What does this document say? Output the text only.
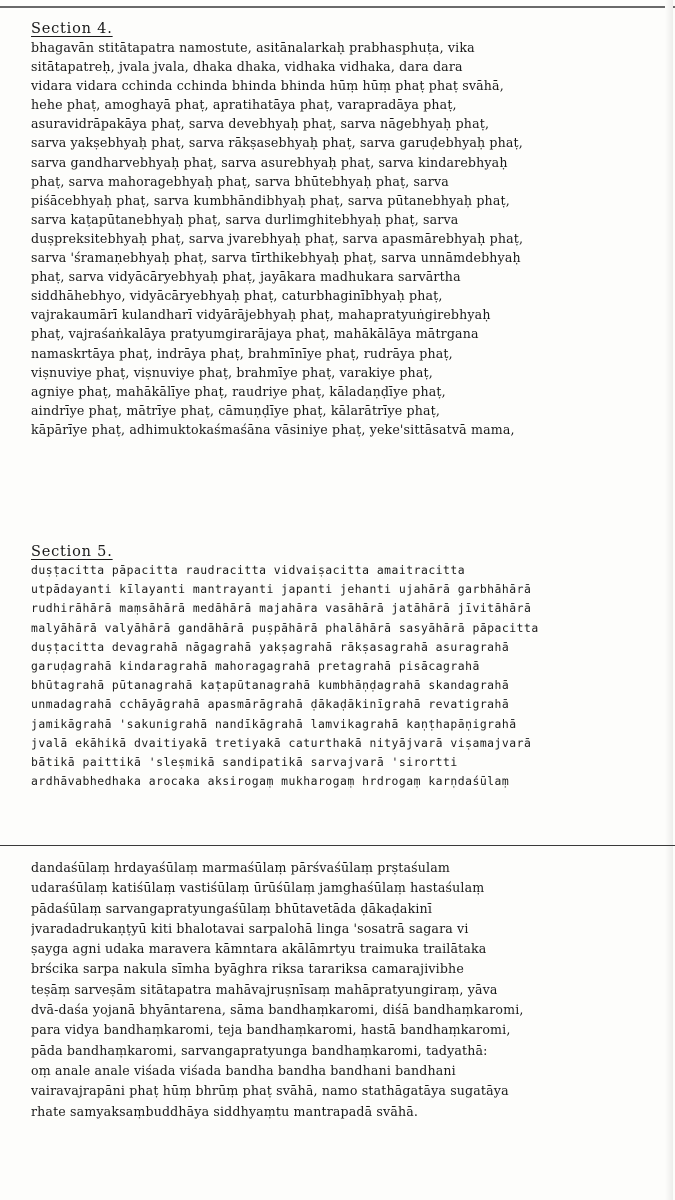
Section 4.
bhagavān stitātapatra namostute, asitānalarkaḥ prabhasphuṭa, vika
sitātapatreḥ, jvala jvala, dhaka dhaka, vidhaka vidhaka, dara dara
vidara vidara cchinda cchinda bhinda bhinda hūṃ hūṃ phaṭ phaṭ svāhā,
hehe phaṭ, amoghayā phaṭ, apratihatāya phaṭ, varapradāya phaṭ,
asuravidrāpakāya phaṭ, sarva devebhyaḥ phaṭ, sarva nāgebhyaḥ phaṭ,
sarva yakṣebhyaḥ phaṭ, sarva rākṣasebhyaḥ phaṭ, sarva garuḍebhyaḥ phaṭ,
sarva gandharvebhyaḥ phaṭ, sarva asurebhyaḥ phaṭ, sarva kindarebhyaḥ
phaṭ, sarva mahoragebhyaḥ phaṭ, sarva bhūtebhyaḥ phaṭ, sarva
piśācebhyaḥ phaṭ, sarva kumbhāndibhyaḥ phaṭ, sarva pūtanebhyaḥ phaṭ,
sarva kaṭapūtanebhyaḥ phaṭ, sarva durlimghitebhyaḥ phaṭ, sarva
duṣpreksitebhyaḥ phaṭ, sarva jvarebhyaḥ phaṭ, sarva apasmārebhyaḥ phaṭ,
sarva 'śramaṇebhyaḥ phaṭ, sarva tīrthikebhyaḥ phaṭ, sarva unnāmdebhyaḥ
phaṭ, sarva vidyācāryebhyaḥ phaṭ, jayākara madhukara sarvārtha
siddhāhebhyo, vidyācāryebhyaḥ phaṭ, caturbhaginībhyaḥ phaṭ,
vajrakaumārī kulandharī vidyārājebhyaḥ phaṭ, mahapratyuṅgirebhyaḥ
phaṭ, vajraśaṅkalāya pratyumgirarājaya phaṭ, mahākālāya mātrgana
namaskrtāya phaṭ, indrāya phaṭ, brahmīnīye phaṭ, rudrāya phaṭ,
viṣnuviye phaṭ, viṣnuviye phaṭ, brahmīye phaṭ, varakiye phaṭ,
agniye phaṭ, mahākālīye phaṭ, raudriye phaṭ, kāladaṇḍīye phaṭ,
aindrīye phaṭ, mātrīye phaṭ, cāmuṇḍīye phaṭ, kālarātrīye phaṭ,
kāpārīye phaṭ, adhimuktokaśmaśāna vāsiniye phaṭ, yeke'sittāsatvā mama,
Section 5.
duṣṭacitta pāpacitta raudracitta vidvaiṣacitta amaitracitta
utpādayanti kīlayanti mantrayanti japanti jehanti ujahārā garbhāhārā
rudhirāhārā maṃsāhārā medāhārā majahāra vasāhārā jatāhārā jīvitāhārā
malyāhārā valyāhārā gandāhārā puṣpāhārā phalāhārā sasyāhārā pāpacitta
duṣṭacitta devagrahā nāgagrahā yakṣagrahā rākṣasagrahā asuragrahā
garuḍagrahā kindaragrahā mahoragagrahā pretagrahā pisācagrahā
bhūtagrahā pūtanagrahā kaṭapūtanagrahā kumbhāṇḍagrahā skandagrahā
unmadagrahā cchāyāgrahā apasmārāgrahā ḍākaḍākinīgrahā revatigrahā
jamikāgrahā 'sakunigrahā nandīkāgrahā lamvikagrahā kaṇṭhapāṇigrahā
jvalā ekāhikā dvaitiyakā tretiyakā caturthakā nityājvarā viṣamajvarā
bātikā paittikā 'sleṣmikā sandipatikā sarvajvarā 'sirortti
ardhāvabhedhaka arocaka aksirogaṃ mukharogaṃ hrdrogaṃ karṇdaśūlaṃ
dandaśūlaṃ hrdayaśūlaṃ marmaśūlaṃ pārśvaśūlaṃ prṣtaśulam
udaraśūlaṃ katiśūlaṃ vastiśūlaṃ ūrūśūlaṃ jamghaśūlaṃ hastaśulaṃ
pādaśūlaṃ sarvangapratyungaśūlaṃ bhūtavetāda ḍākaḍakinī
jvaradadrukaṇṭyū kiti bhalotavai sarpalohā linga 'sosatrā sagara vi
ṣayga agni udaka maravera kāmntara akālāmrtyu traimuka trailātaka
brścika sarpa nakula sīmha byāghra riksa tarariksa camarajivibhe
teṣāṃ sarveṣām sitātapatra mahāvajruṣnīsaṃ mahāpratyungiraṃ, yāva
dvā-daśa yojanā bhyāntarena, sāma bandhaṃkaromi, diśā bandhaṃkaromi,
para vidya bandhaṃkaromi, teja bandhaṃkaromi, hastā bandhaṃkaromi,
pāda bandhaṃkaromi, sarvangapratyunga bandhaṃkaromi, tadyathā:
oṃ anale anale viśada viśada bandha bandha bandhani bandhani
vairavajrapāni phaṭ hūṃ bhrūṃ phaṭ svāhā, namo stathāgatāya sugatāya
rhate samyaksaṃbuddhāya siddhyaṃtu mantrapadā svāhā.
